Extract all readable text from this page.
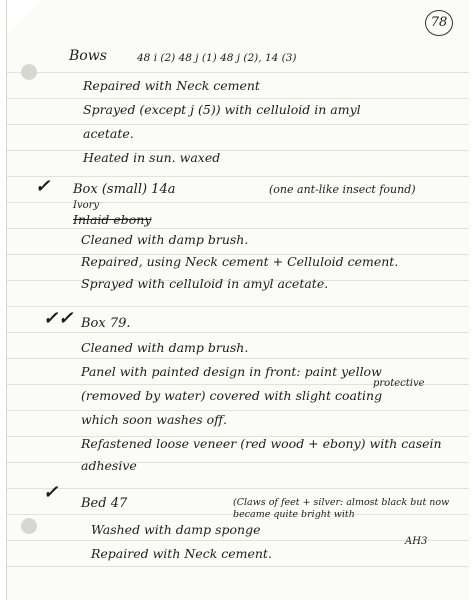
78
Bows	48 i (2) 48 j (1) 48 j (2), 14 (3)
Repaired with Neck cement
Sprayed (except j (5)) with celluloid in amyl
acetate.
Heated in sun. waxed
✓ Box (small) 14a	(one ant-like insect found)
Ivory
Inlaid ebony
Cleaned with damp brush.
Repaired, using Neck cement + Celluloid cement.
Sprayed with celluloid in amyl acetate.
✓✓ Box 79.
Cleaned with damp brush.
Panel with painted design in front: paint yellow
protective
(removed by water) covered with slight coating
which soon washes off.
Refastened loose veneer (red wood + ebony) with casein
adhesive
✓
Bed 47	(Claws of feet + silver: almost black but now became quite bright with
AH3
Washed with damp sponge
Repaired with Neck cement.
